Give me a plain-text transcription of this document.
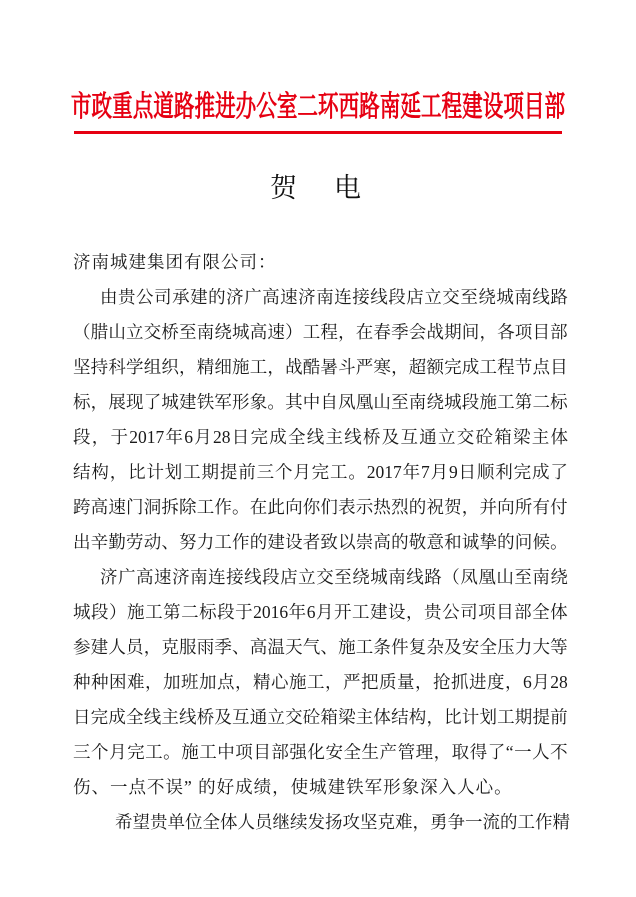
市政重点道路推进办公室二环西路南延工程建设项目部
贺　电
济南城建集团有限公司：
由 贵 公 司 承 建 的 济 广 高 速 济 南 连 接 线 段 店 立 交 至 绕 城 南 线 路
（ 腊 山 立 交 桥 至 南 绕 城 高 速 ） 工 程 ， 在 春 季 会 战 期 间 ， 各 项 目 部
坚 持 科 学 组 织 ， 精 细 施 工 ， 战 酷 暑 斗 严 寒 ， 超 额 完 成 工 程 节 点 目
标 ， 展 现 了 城 建 铁 军 形 象 。 其 中 自 凤 凰 山 至 南 绕 城 段 施 工 第 二 标
段 ， 于 2017 年 6 月 28 日 完 成 全 线 主 线 桥 及 互 通 立 交 砼 箱 梁 主 体
结 构 ， 比 计 划 工 期 提 前 三 个 月 完 工 。 2017 年 7 月 9 日 顺 利 完 成 了
跨 高 速 门 洞 拆 除 工 作 。 在 此 向 你 们 表 示 热 烈 的 祝 贺 ， 并 向 所 有 付
出 辛 勤 劳 动 、 努 力 工 作 的 建 设 者 致 以 崇 高 的 敬 意 和 诚 挚 的 问 候 。
济 广 高 速 济 南 连 接 线 段 店 立 交 至 绕 城 南 线 路 （ 凤 凰 山 至 南 绕
城 段 ） 施 工 第 二 标 段 于 2016 年 6 月 开 工 建 设 ， 贵 公 司 项 目 部 全 体
参 建 人 员 ， 克 服 雨 季 、 高 温 天 气 、 施 工 条 件 复 杂 及 安 全 压 力 大 等
种 种 困 难 ， 加 班 加 点 ， 精 心 施 工 ， 严 把 质 量 ， 抢 抓 进 度 ， 6 月 28
日 完 成 全 线 主 线 桥 及 互 通 立 交 砼 箱 梁 主 体 结 构 ， 比 计 划 工 期 提 前
三 个 月 完 工 。 施 工 中 项 目 部 强 化 安 全 生 产 管 理 ， 取 得 了 “ 一 人 不
伤、一点不误” 的好成绩，使城建铁军形象深入人心。
希 望 贵 单 位 全 体 人 员 继 续 发 扬 攻 坚 克 难 ， 勇 争 一 流 的 工 作 精
